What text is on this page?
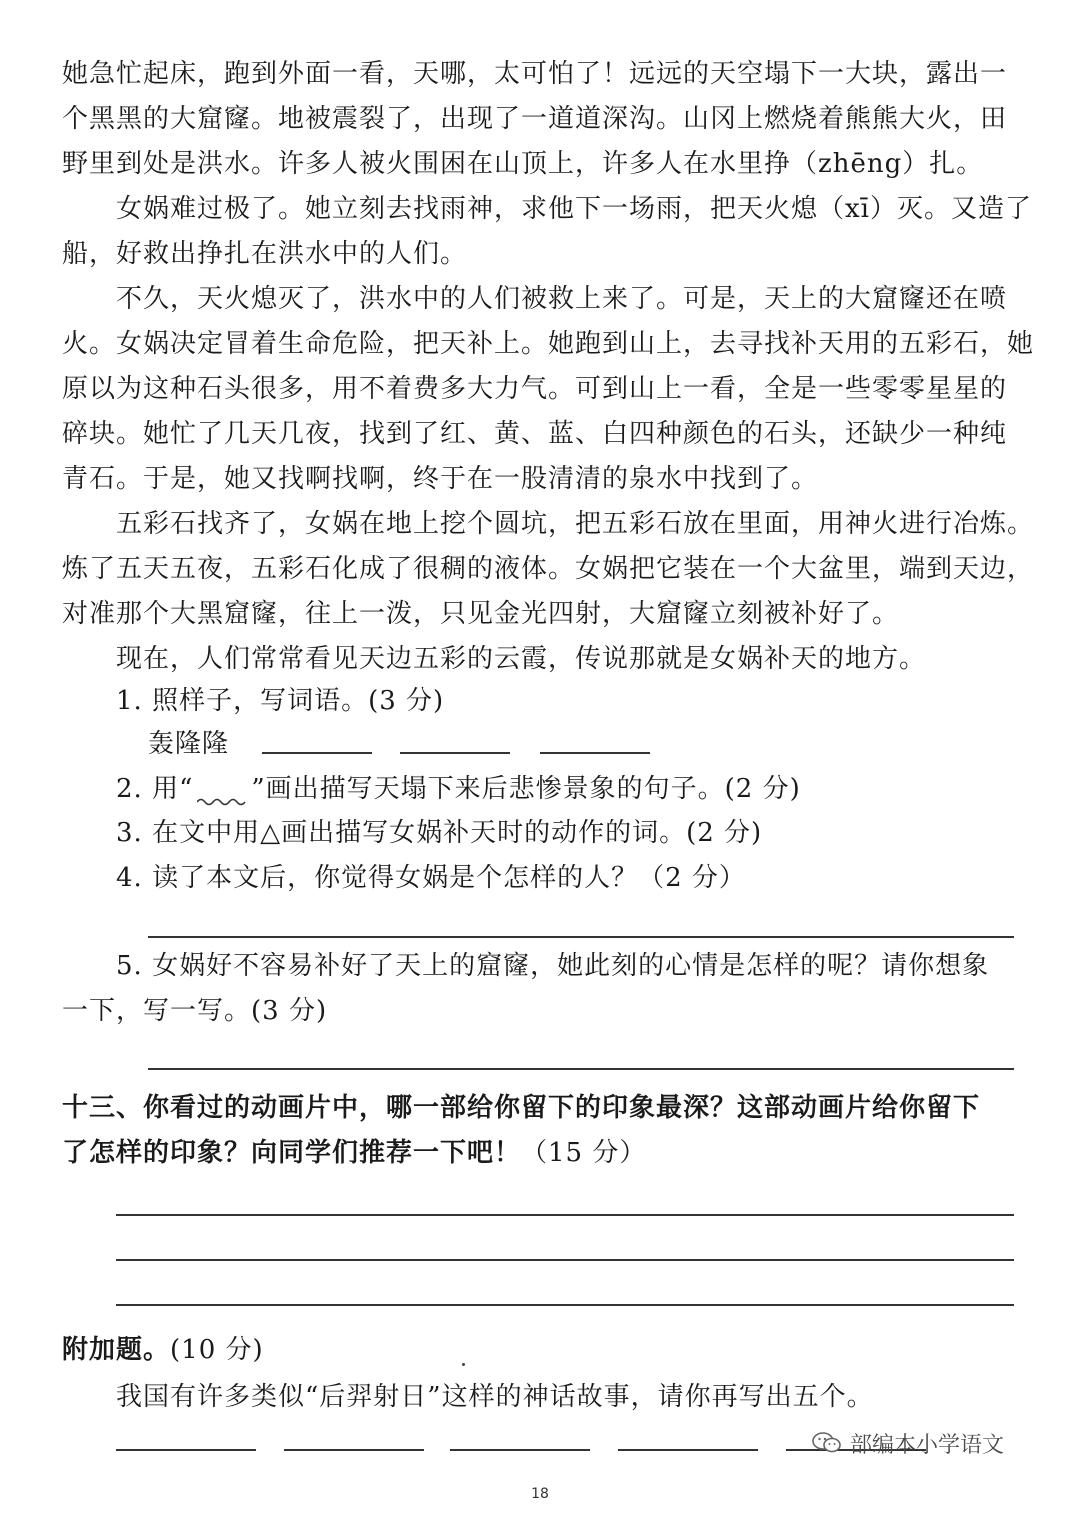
她急忙起床，跑到外面一看，天哪，太可怕了！远远的天空塌下一大块，露出一
个黑黑的大窟窿。地被震裂了，出现了一道道深沟。山冈上燃烧着熊熊大火，田
野里到处是洪水。许多人被火围困在山顶上，许多人在水里挣（zhēng）扎。
女娲难过极了。她立刻去找雨神，求他下一场雨，把天火熄（xī）灭。又造了
船，好救出挣扎在洪水中的人们。
不久，天火熄灭了，洪水中的人们被救上来了。可是，天上的大窟窿还在喷
火。女娲决定冒着生命危险，把天补上。她跑到山上，去寻找补天用的五彩石，她
原以为这种石头很多，用不着费多大力气。可到山上一看，全是一些零零星星的
碎块。她忙了几天几夜，找到了红、黄、蓝、白四种颜色的石头，还缺少一种纯
青石。于是，她又找啊找啊，终于在一股清清的泉水中找到了。
五彩石找齐了，女娲在地上挖个圆坑，把五彩石放在里面，用神火进行冶炼。
炼了五天五夜，五彩石化成了很稠的液体。女娲把它装在一个大盆里，端到天边，
对准那个大黑窟窿，往上一泼，只见金光四射，大窟窿立刻被补好了。
现在，人们常常看见天边五彩的云霞，传说那就是女娲补天的地方。
1. 照样子，写词语。(3 分)
轰隆隆
2. 用“ ”画出描写天塌下来后悲惨景象的句子。(2 分)
3. 在文中用△画出描写女娲补天时的动作的词。(2 分)
4. 读了本文后，你觉得女娲是个怎样的人？（2 分）
5. 女娲好不容易补好了天上的窟窿，她此刻的心情是怎样的呢？请你想象
一下，写一写。(3 分)
十三、你看过的动画片中，哪一部给你留下的印象最深？这部动画片给你留下
了怎样的印象？向同学们推荐一下吧！（15 分）
附加题。(10 分)
我国有许多类似“后羿射日”这样的神话故事，请你再写出五个。
部编本小学语文
18
